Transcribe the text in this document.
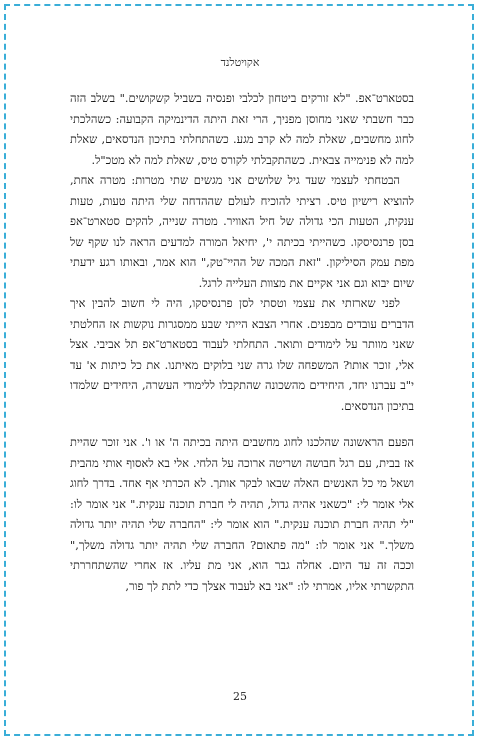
אקויטלנד

בסטארט־אפ. "לא זורקים ביטחון לכלבי ופנסיה בשביל קשקושים." בשלב הזה כבר חשבתי שאני מחוסן מפניך, הרי זאת היתה הדינמיקה הקבועה: כשהלכתי לחוג מחשבים, שאלת למה לא קרב מגע. כשהתחלתי בתיכון הנדסאים, שאלת למה לא פנימייה צבאית. כשהתקבלתי לקורס טיס, שאלת למה לא מטכ"ל.

הבטחתי לעצמי שעד גיל שלושים אני מגשים שתי מטרות: מטרה אחת, להוציא רישיון טיס. רציתי להוכיח לעולם שההדחה שלי היתה טעות, טעות ענקית, הטעות הכי גדולה של חיל האוויר. מטרה שנייה, להקים סטארט־אפ בסן פרנסיסקו. כשהייתי בכיתה י', יחיאל המורה למדעים הראה לנו שקף של מפת עמק הסיליקון. "זאת המכה של ההיי־טק," הוא אמר, ובאותו רגע ידעתי שיום יבוא וגם אני אקיים את מצוות העלייה לרגל.

לפני שארזתי את עצמי וטסתי לסן פרנסיסקו, היה לי חשוב להבין איך הדברים עובדים מבפנים. אחרי הצבא הייתי שבע ממסגרות נוקשות אז החלטתי שאני מוותר על לימודים ותואר. התחלתי לעבוד בסטארט־אפ תל אביבי. אצל אלי, זוכר אותו? המשפחה שלו גרה שני בלוקים מאיתנו. את כל כיתות א' עד י"ב עברנו יחד, היחידים מהשכונה שהתקבלו ללימודי העשרה, היחידים שלמדו בתיכון הנדסאים.

הפעם הראשונה שהלכנו לחוג מחשבים היתה בכיתה ה' או ו'. אני זוכר שהיית אז בבית, עם רגל חבושה ושריטה ארוכה על הלחי. אלי בא לאסוף אותי מהבית ושאל מי כל האנשים האלה שבאו לבקר אותך. לא הכרתי אף אחד. בדרך לחוג אלי אומר לי: "כשאני אהיה גדול, תהיה לי חברת תוכנה ענקית." אני אומר לו: "לי תהיה חברת תוכנה ענקית." הוא אומר לי: "החברה שלי תהיה יותר גדולה משלך." אני אומר לו: "מה פתאום? החברה שלי תהיה יותר גדולה משלך," וככה זה עד היום. אחלה גבר הוא, אני מת עליו. אז אחרי שהשתחררתי התקשרתי אליו, אמרתי לו: "אני בא לעבוד אצלך כדי לתת לך פור,

25
